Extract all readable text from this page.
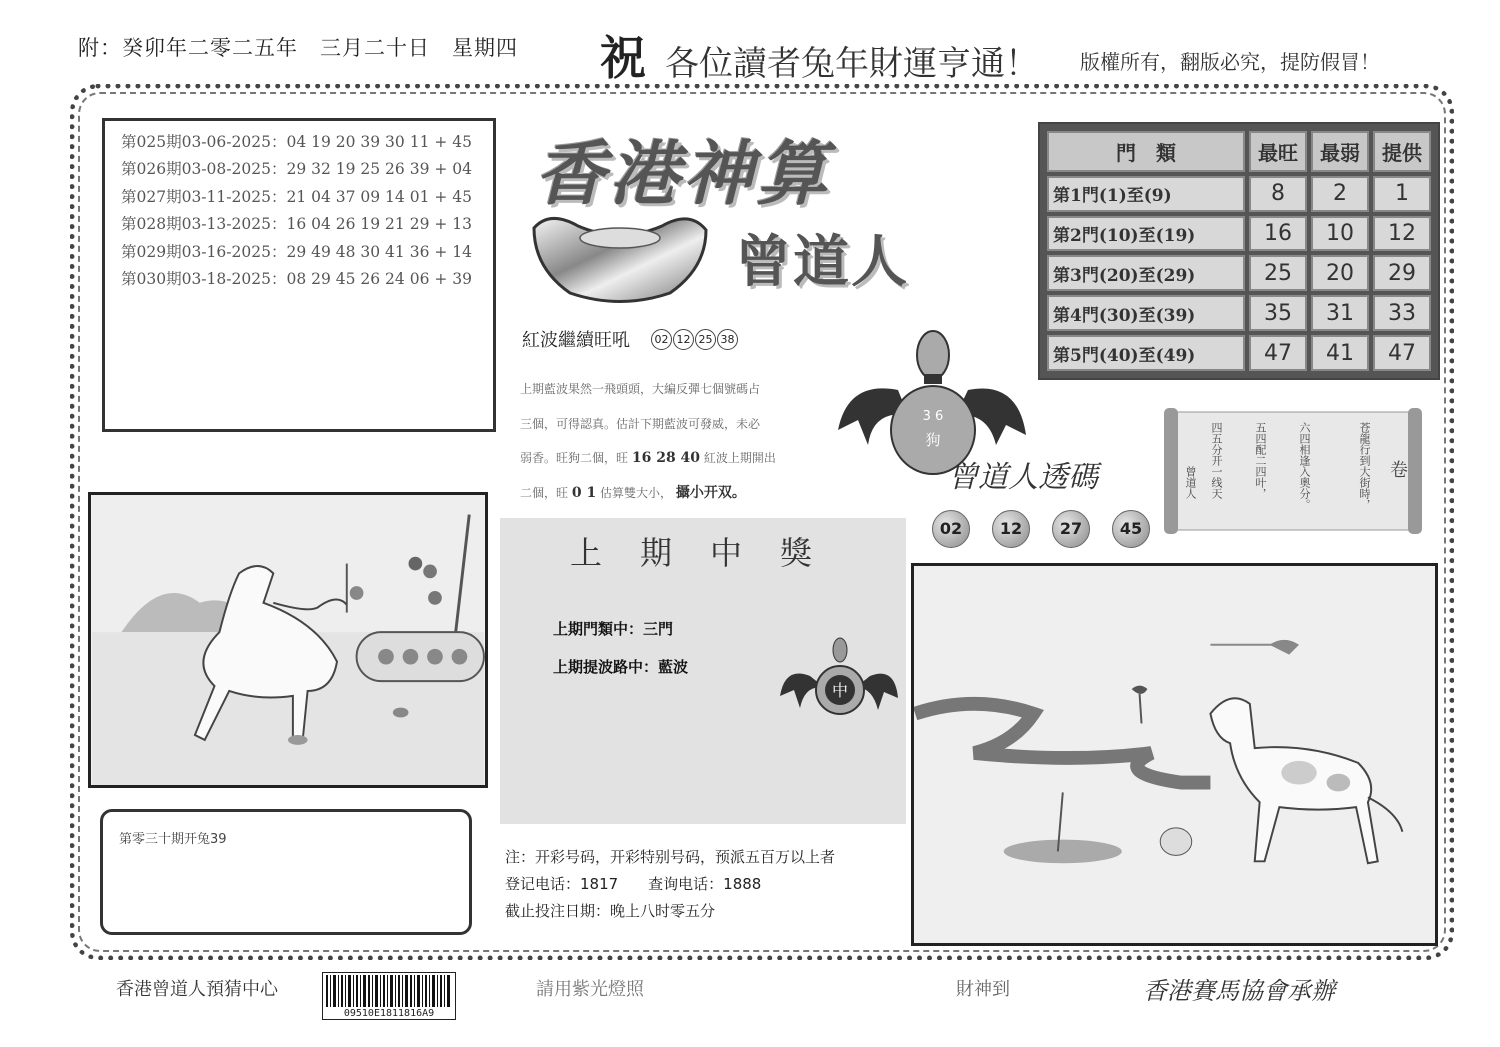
附：癸卯年二零二五年　三月二十日　星期四 祝 各位讀者兔年財運亨通！ 版權所有，翻版必究，提防假冒！
第025期03-06-2025：04 19 20 39 30 11 + 45
第026期03-08-2025：29 32 19 25 26 39 + 04
第027期03-11-2025：21 04 37 09 14 01 + 45
第028期03-13-2025：16 04 26 19 21 29 + 13
第029期03-16-2025：29 49 48 30 41 36 + 14
第030期03-18-2025：08 29 45 26 24 06 + 39
香港神算
曾道人
紅波繼續旺吼	02 12 25 38
上期藍波果然一飛頭頭，大編反彈七個號碼占
三個，可得認真。估計下期藍波可發威，未必
弱香。旺狗二個，旺 16 28 40 紅波上期開出
二個，旺 0 1 估算雙大小， 攝小开双。
門　類	最旺	最弱	提供
第1門(1)至(9)	8	2	1
第2門(10)至(19)	16	10	12
第3門(20)至(29)	25	20	29
第4門(30)至(39)	35	31	33
第5門(40)至(49)	47	41	47
狗
3 6
曾道人透碼
02	12	27	45
苍龍行到大街時，
六四相逢入奧分。
五四配二四叶，
四五分开一线天
曾道人	卷
上期中獎
上期門類中：三門
上期提波路中：藍波
中
注：开彩号码，开彩特别号码，预派五百万以上者
登记电话：1817　　查询电话：1888
截止投注日期：晚上八时零五分
第零三十期开兔39
香港曾道人預猜中心
09510E1811816A9
請用紫光燈照	財神到	香港賽馬協會承辦
